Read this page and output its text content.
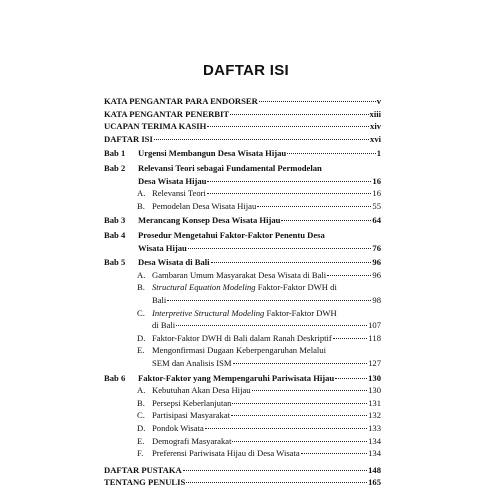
DAFTAR ISI
KATA PENGANTAR PARA ENDORSER	v
KATA PENGANTAR PENERBIT	xiii
UCAPAN TERIMA KASIH	xiv
DAFTAR ISI	xvi
Bab 1 Urgensi Membangun Desa Wisata Hijau	1
Bab 2 Relevansi Teori sebagai Fundamental Permodelan
Desa Wisata Hijau	16
A. Relevansi Teori	16
B. Pemodelan Desa Wisata Hijau	55
Bab 3 Merancang Konsep Desa Wisata Hijau	64
Bab 4 Prosedur Mengetahui Faktor-Faktor Penentu Desa
Wisata Hijau	76
Bab 5 Desa Wisata di Bali	96
A. Gambaran Umum Masyarakat Desa Wisata di Bali	96
B. Structural Equation Modeling Faktor-Faktor DWH di
Bali	98
C. Interpretive Structural Modeling Faktor-Faktor DWH
di Bali	107
D. Faktor-Faktor DWH di Bali dalam Ranah Deskriptif	118
E. Mengonfirmasi Dugaan Keberpengaruhan Melalui
SEM dan Analisis ISM	127
Bab 6 Faktor-Faktor yang Mempengaruhi Pariwisata Hijau	130
A. Kebutuhan Akan Desa Hijau	130
B. Persepsi Keberlanjutan	131
C. Partisipasi Masyarakat	132
D. Pondok Wisata	133
E. Demografi Masyarakat	134
F. Preferensi Pariwisata Hijau di Desa Wisata	134
DAFTAR PUSTAKA	148
TENTANG PENULIS	165
